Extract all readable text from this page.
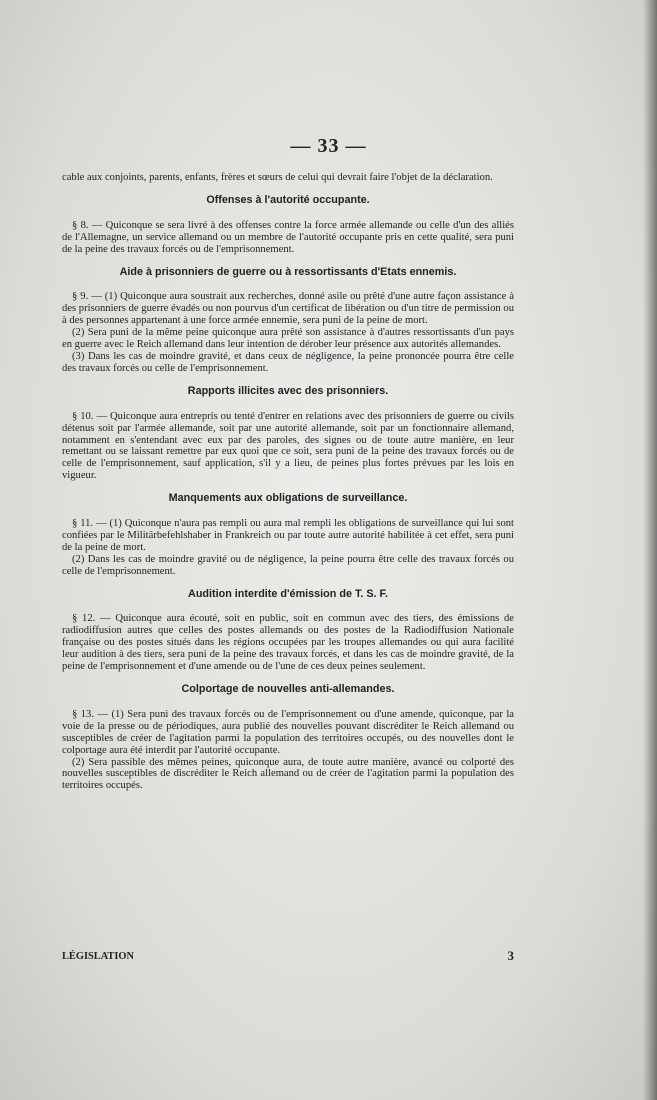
— 33 —

cable aux conjoints, parents, enfants, frères et sœurs de celui qui devrait faire l'objet de la déclaration.

Offenses à l'autorité occupante.

§ 8. — Quiconque se sera livré à des offenses contre la force armée allemande ou celle d'un des alliés de l'Allemagne, un service allemand ou un membre de l'autorité occupante pris en cette qualité, sera puni de la peine des travaux forcés ou de l'emprisonnement.

Aide à prisonniers de guerre ou à ressortissants d'Etats ennemis.

§ 9. — (1) Quiconque aura soustrait aux recherches, donné asile ou prêté d'une autre façon assistance à des prisonniers de guerre évadés ou non pourvus d'un certificat de libération ou d'un titre de permission ou à des personnes appartenant à une force armée ennemie, sera puni de la peine de mort.

(2) Sera puni de la même peine quiconque aura prêté son assistance à d'autres ressortissants d'un pays en guerre avec le Reich allemand dans leur intention de dérober leur présence aux autorités allemandes.

(3) Dans les cas de moindre gravité, et dans ceux de négligence, la peine prononcée pourra être celle des travaux forcés ou celle de l'emprisonnement.

Rapports illicites avec des prisonniers.

§ 10. — Quiconque aura entrepris ou tenté d'entrer en relations avec des prisonniers de guerre ou civils détenus soit par l'armée allemande, soit par une autorité allemande, soit par un fonctionnaire allemand, notamment en s'entendant avec eux par des paroles, des signes ou de toute autre manière, en leur remettant ou se laissant remettre par eux quoi que ce soit, sera puni de la peine des travaux forcés ou de celle de l'emprisonnement, sauf application, s'il y a lieu, de peines plus fortes prévues par les lois en vigueur.

Manquements aux obligations de surveillance.

§ 11. — (1) Quiconque n'aura pas rempli ou aura mal rempli les obligations de surveillance qui lui sont confiées par le Militärbefehlshaber in Frankreich ou par toute autre autorité habilitée à cet effet, sera puni de la peine de mort.

(2) Dans les cas de moindre gravité ou de négligence, la peine pourra être celle des travaux forcés ou celle de l'emprisonnement.

Audition interdite d'émission de T. S. F.

§ 12. — Quiconque aura écouté, soit en public, soit en commun avec des tiers, des émissions de radiodiffusion autres que celles des postes allemands ou des postes de la Radiodiffusion Nationale française ou des postes situés dans les régions occupées par les troupes allemandes ou qui aura facilité leur audition à des tiers, sera puni de la peine des travaux forcés, et dans les cas de moindre gravité, de la peine de l'emprisonnement et d'une amende ou de l'une de ces deux peines seulement.

Colportage de nouvelles anti-allemandes.

§ 13. — (1) Sera puni des travaux forcés ou de l'emprisonnement ou d'une amende, quiconque, par la voie de la presse ou de périodiques, aura publié des nouvelles pouvant discréditer le Reich allemand ou susceptibles de créer de l'agitation parmi la population des territoires occupés, ou des nouvelles dont le colportage aura été interdit par l'autorité occupante.

(2) Sera passible des mêmes peines, quiconque aura, de toute autre manière, avancé ou colporté des nouvelles susceptibles de discréditer le Reich allemand ou de créer de l'agitation parmi la population des territoires occupés.

LÉGISLATION	3
